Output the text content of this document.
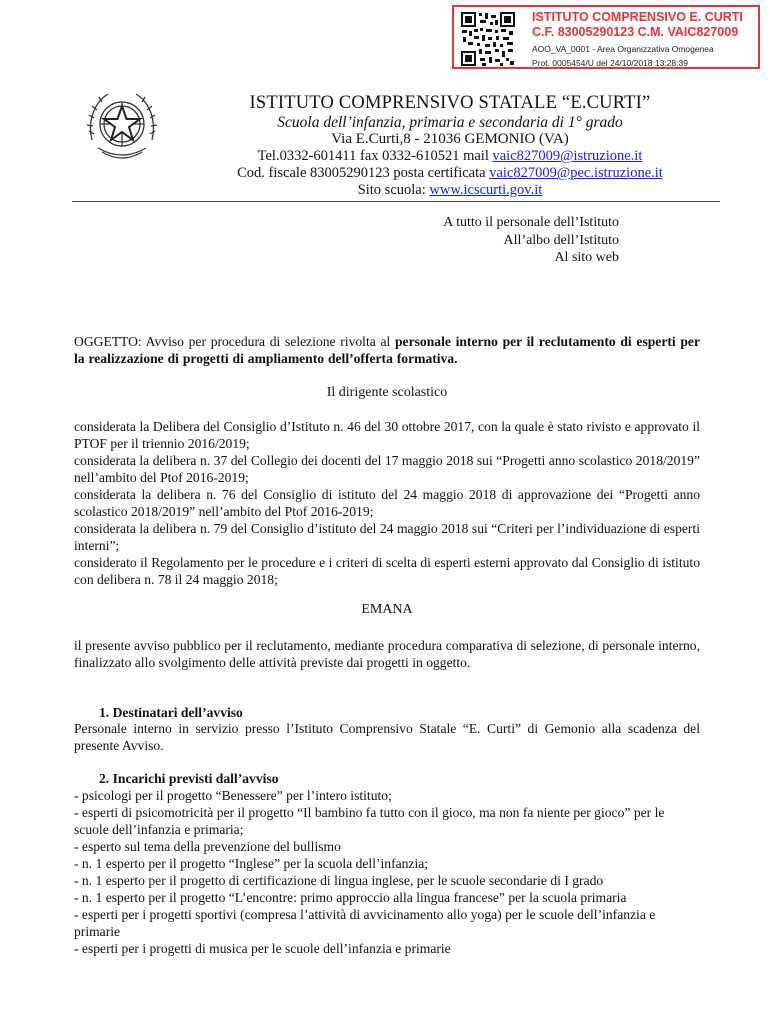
ISTITUTO COMPRENSIVO E. CURTI
C.F. 83005290123 C.M. VAIC827009
AOO_VA_0001 - Area Organizzativa Omogenea
Prot. 0005454/U del 24/10/2018 13:28:39
ISTITUTO COMPRENSIVO STATALE “E.CURTI”
Scuola dell’infanzia, primaria e secondaria di 1° grado
Via E.Curti,8 - 21036 GEMONIO (VA)
Tel.0332-601411 fax 0332-610521 mail vaic827009@istruzione.it
Cod. fiscale 83005290123 posta certificata vaic827009@pec.istruzione.it
Sito scuola: www.icscurti.gov.it
A tutto il personale dell’Istituto
All’albo dell’Istituto
Al sito web

OGGETTO: Avviso per procedura di selezione rivolta al personale interno per il reclutamento di esperti per la realizzazione di progetti di ampliamento dell’offerta formativa.

Il dirigente scolastico

considerata la Delibera del Consiglio d’Istituto n. 46 del 30 ottobre 2017, con la quale è stato rivisto e approvato il PTOF per il triennio 2016/2019;

considerata la delibera n. 37 del Collegio dei docenti del 17 maggio 2018 sui “Progetti anno scolastico 2018/2019” nell’ambito del Ptof 2016-2019;

considerata la delibera n. 76 del Consiglio di istituto del 24 maggio 2018 di approvazione dei “Progetti anno scolastico 2018/2019” nell’ambito del Ptof 2016-2019;

considerata la delibera n. 79 del Consiglio d’istituto del 24 maggio 2018 sui “Criteri per l’individuazione di esperti interni”;

considerato il Regolamento per le procedure e i criteri di scelta di esperti esterni approvato dal Consiglio di istituto con delibera n. 78 il 24 maggio 2018;

EMANA

il presente avviso pubblico per il reclutamento, mediante procedura comparativa di selezione, di personale interno, finalizzato allo svolgimento delle attività previste dai progetti in oggetto.

1. Destinatari dell’avviso

Personale interno in servizio presso l’Istituto Comprensivo Statale “E. Curti” di Gemonio alla scadenza del presente Avviso.

2. Incarichi previsti dall’avviso
- psicologi per il progetto “Benessere” per l’intero istituto;
- esperti di psicomotricità per il progetto “Il bambino fa tutto con il gioco, ma non fa niente per gioco” per le scuole dell’infanzia e primaria;
- esperto sul tema della prevenzione del bullismo
- n. 1 esperto per il progetto “Inglese” per la scuola dell’infanzia;
- n. 1 esperto per il progetto di certificazione di lingua inglese, per le scuole secondarie di I grado
- n. 1 esperto per il progetto “L’encontre: primo approccio alla lingua francese” per la scuola primaria
- esperti per i progetti sportivi (compresa l’attività di avvicinamento allo yoga) per le scuole dell’infanzia e primarie
- esperti per i progetti di musica per le scuole dell’infanzia e primarie
